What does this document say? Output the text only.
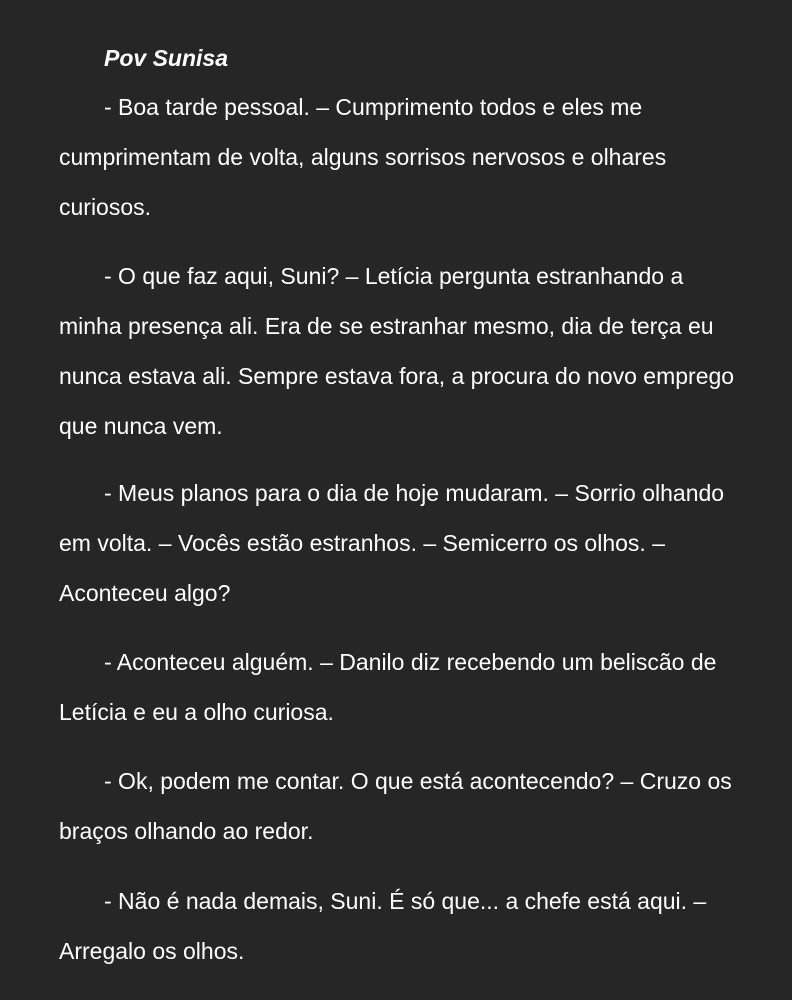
Pov Sunisa

- Boa tarde pessoal. – Cumprimento todos e eles me cumprimentam de volta, alguns sorrisos nervosos e olhares curiosos.

- O que faz aqui, Suni? – Letícia pergunta estranhando a minha presença ali. Era de se estranhar mesmo, dia de terça eu nunca estava ali. Sempre estava fora, a procura do novo emprego que nunca vem.

- Meus planos para o dia de hoje mudaram. – Sorrio olhando em volta. – Vocês estão estranhos. – Semicerro os olhos. – Aconteceu algo?

- Aconteceu alguém. – Danilo diz recebendo um beliscão de Letícia e eu a olho curiosa.

- Ok, podem me contar. O que está acontecendo? – Cruzo os braços olhando ao redor.

- Não é nada demais, Suni. É só que... a chefe está aqui. – Arregalo os olhos.
